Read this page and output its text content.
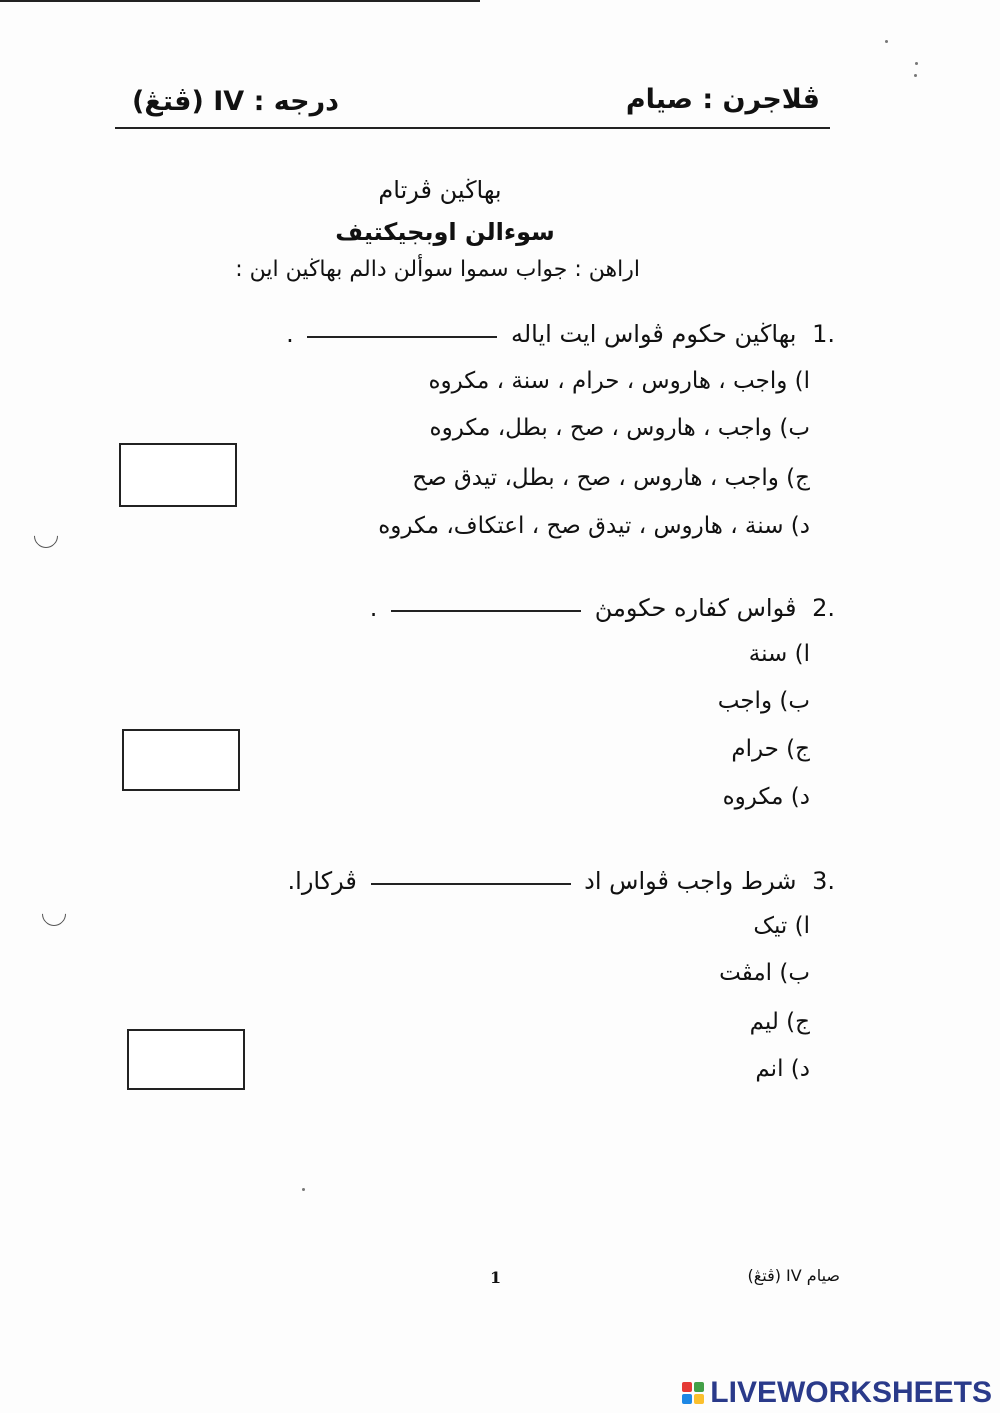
ڤلاجرن : صيام
درجه : IV (ڤتڠ)
بهاڬين ڤرتام
سوءالن اوبجيكتيف
اراهن : جواب سموا سوألن دالم بهاڬين اين :
1. بهاڬين حكوم ڤواس ايت اياله  .
ا) واجب ، هاروس ، حرام ، سنة ، مكروه
ب) واجب ، هاروس ، صح ، بطل، مكروه
ج) واجب ، هاروس ، صح ، بطل، تيدق صح
د) سنة ، هاروس ، تيدق صح ، اعتكاف، مكروه
2. ڤواس كفاره حكومڽ  .
ا) سنة
ب) واجب
ج) حرام
د) مكروه
3. شرط واجب ڤواس اد  ڤركارا.
ا) تيک
ب) امڤت
ج) ليم
د) انم
صيام IV (ڤتڠ)
1
LIVEWORKSHEETS
